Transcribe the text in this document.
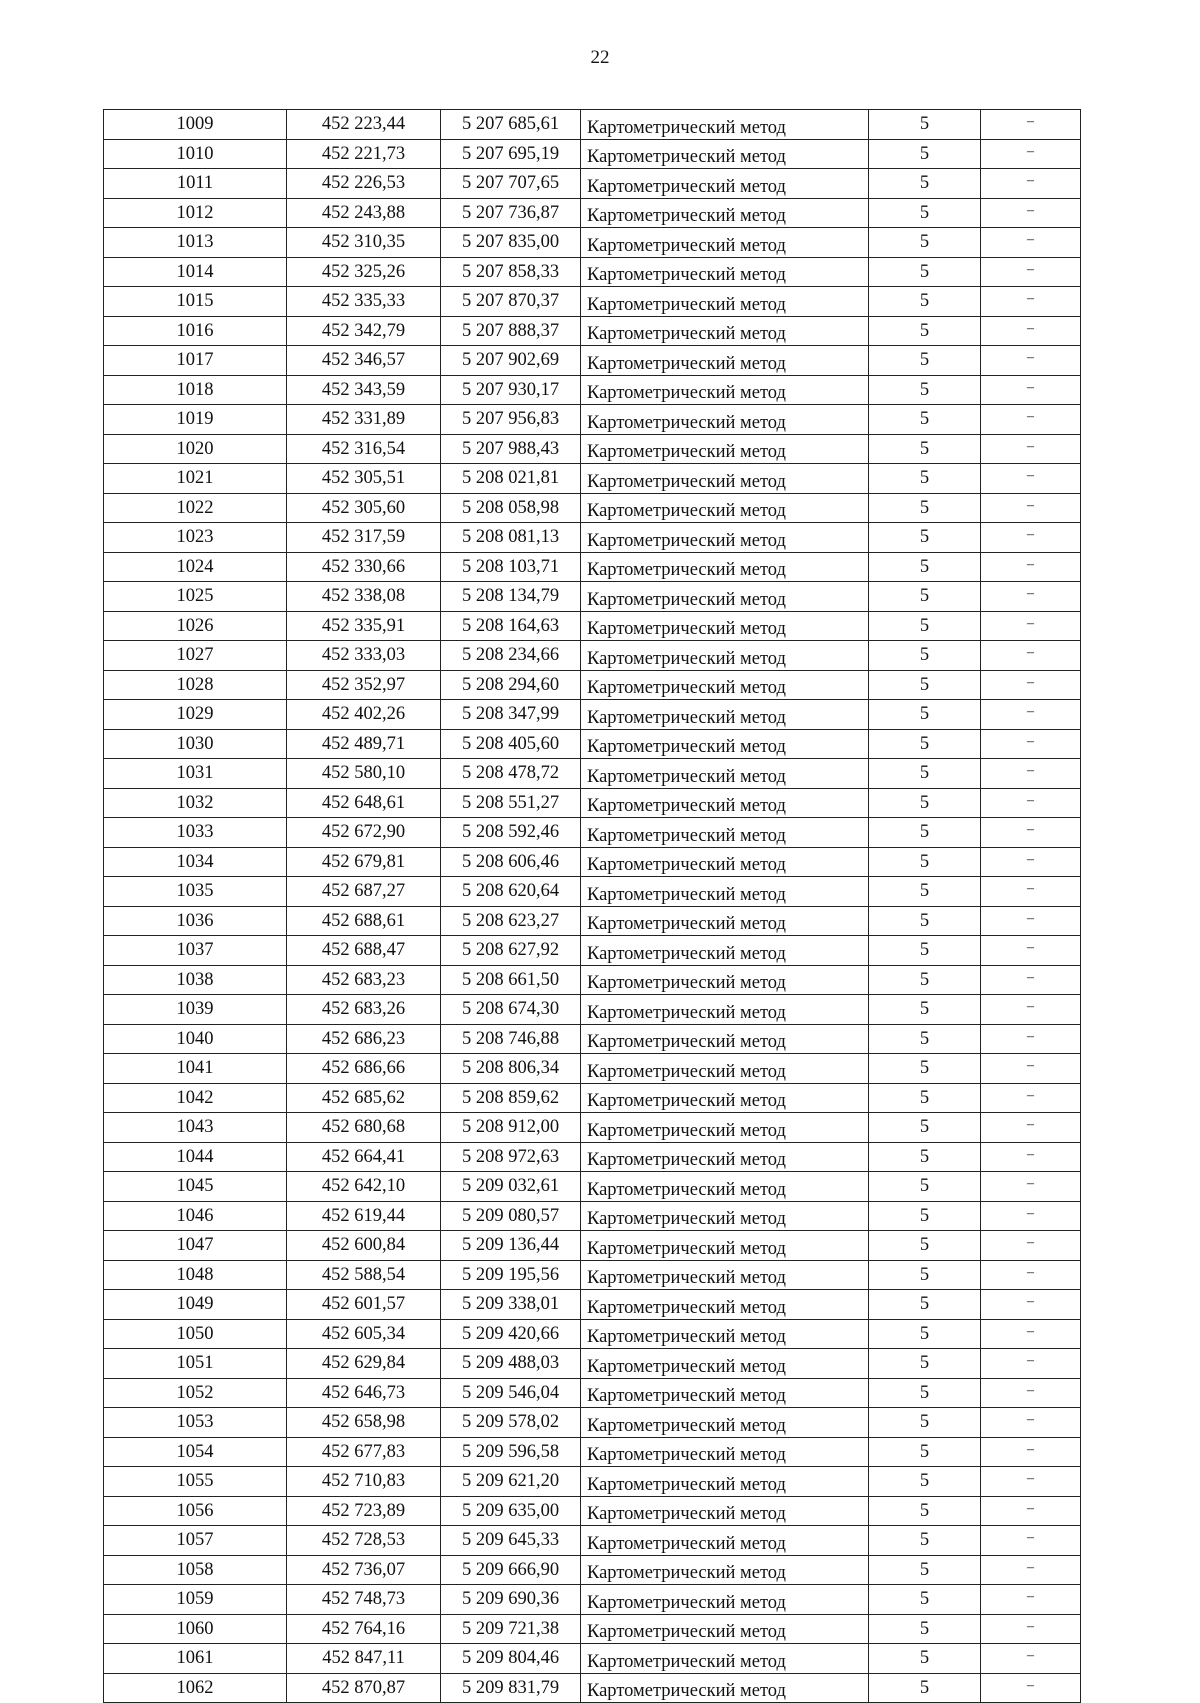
22
1009	452 223,44	5 207 685,61	Картометрический метод	5	–
1010	452 221,73	5 207 695,19	Картометрический метод	5	–
1011	452 226,53	5 207 707,65	Картометрический метод	5	–
1012	452 243,88	5 207 736,87	Картометрический метод	5	–
1013	452 310,35	5 207 835,00	Картометрический метод	5	–
1014	452 325,26	5 207 858,33	Картометрический метод	5	–
1015	452 335,33	5 207 870,37	Картометрический метод	5	–
1016	452 342,79	5 207 888,37	Картометрический метод	5	–
1017	452 346,57	5 207 902,69	Картометрический метод	5	–
1018	452 343,59	5 207 930,17	Картометрический метод	5	–
1019	452 331,89	5 207 956,83	Картометрический метод	5	–
1020	452 316,54	5 207 988,43	Картометрический метод	5	–
1021	452 305,51	5 208 021,81	Картометрический метод	5	–
1022	452 305,60	5 208 058,98	Картометрический метод	5	–
1023	452 317,59	5 208 081,13	Картометрический метод	5	–
1024	452 330,66	5 208 103,71	Картометрический метод	5	–
1025	452 338,08	5 208 134,79	Картометрический метод	5	–
1026	452 335,91	5 208 164,63	Картометрический метод	5	–
1027	452 333,03	5 208 234,66	Картометрический метод	5	–
1028	452 352,97	5 208 294,60	Картометрический метод	5	–
1029	452 402,26	5 208 347,99	Картометрический метод	5	–
1030	452 489,71	5 208 405,60	Картометрический метод	5	–
1031	452 580,10	5 208 478,72	Картометрический метод	5	–
1032	452 648,61	5 208 551,27	Картометрический метод	5	–
1033	452 672,90	5 208 592,46	Картометрический метод	5	–
1034	452 679,81	5 208 606,46	Картометрический метод	5	–
1035	452 687,27	5 208 620,64	Картометрический метод	5	–
1036	452 688,61	5 208 623,27	Картометрический метод	5	–
1037	452 688,47	5 208 627,92	Картометрический метод	5	–
1038	452 683,23	5 208 661,50	Картометрический метод	5	–
1039	452 683,26	5 208 674,30	Картометрический метод	5	–
1040	452 686,23	5 208 746,88	Картометрический метод	5	–
1041	452 686,66	5 208 806,34	Картометрический метод	5	–
1042	452 685,62	5 208 859,62	Картометрический метод	5	–
1043	452 680,68	5 208 912,00	Картометрический метод	5	–
1044	452 664,41	5 208 972,63	Картометрический метод	5	–
1045	452 642,10	5 209 032,61	Картометрический метод	5	–
1046	452 619,44	5 209 080,57	Картометрический метод	5	–
1047	452 600,84	5 209 136,44	Картометрический метод	5	–
1048	452 588,54	5 209 195,56	Картометрический метод	5	–
1049	452 601,57	5 209 338,01	Картометрический метод	5	–
1050	452 605,34	5 209 420,66	Картометрический метод	5	–
1051	452 629,84	5 209 488,03	Картометрический метод	5	–
1052	452 646,73	5 209 546,04	Картометрический метод	5	–
1053	452 658,98	5 209 578,02	Картометрический метод	5	–
1054	452 677,83	5 209 596,58	Картометрический метод	5	–
1055	452 710,83	5 209 621,20	Картометрический метод	5	–
1056	452 723,89	5 209 635,00	Картометрический метод	5	–
1057	452 728,53	5 209 645,33	Картометрический метод	5	–
1058	452 736,07	5 209 666,90	Картометрический метод	5	–
1059	452 748,73	5 209 690,36	Картометрический метод	5	–
1060	452 764,16	5 209 721,38	Картометрический метод	5	–
1061	452 847,11	5 209 804,46	Картометрический метод	5	–
1062	452 870,87	5 209 831,79	Картометрический метод	5	–
